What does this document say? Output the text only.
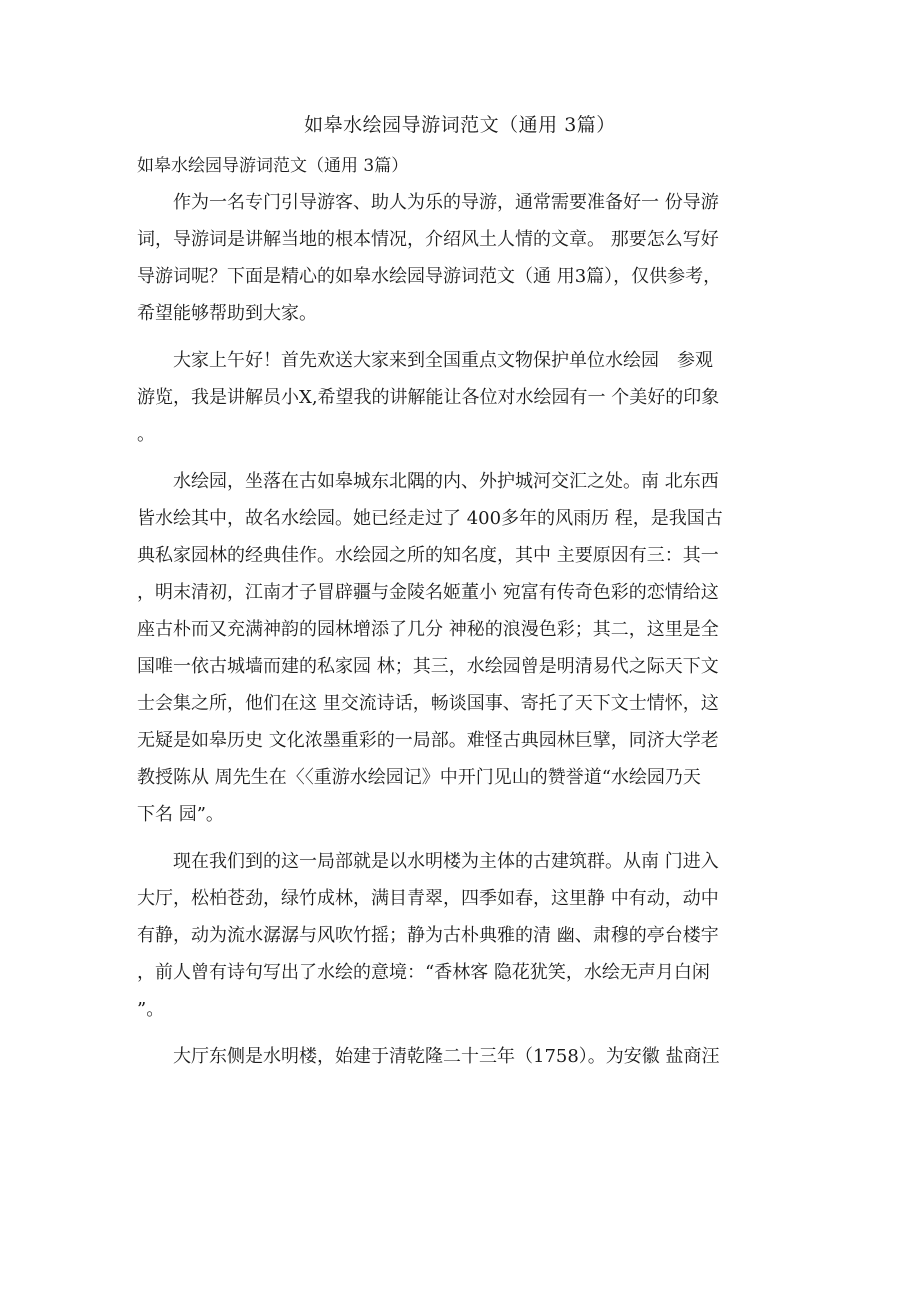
如皋水绘园导游词范文（通用 3篇）
如皋水绘园导游词范文（通用 3篇）
　　作为一名专门引导游客、助人为乐的导游，通常需要准备好一 份导游
词，导游词是讲解当地的根本情况，介绍风土人情的文章。 那要怎么写好
导游词呢？下面是精心的如皋水绘园导游词范文（通 用3篇），仅供参考，
希望能够帮助到大家。
　　大家上午好！首先欢送大家来到全国重点文物保护单位水绘园　参观
游览，我是讲解员小X,希望我的讲解能让各位对水绘园有一 个美好的印象
。
　　水绘园，坐落在古如皋城东北隅的内、外护城河交汇之处。南 北东西
皆水绘其中，故名水绘园。她已经走过了 400多年的风雨历 程，是我国古
典私家园林的经典佳作。水绘园之所的知名度，其中 主要原因有三：其一
，明末清初，江南才子冒辟疆与金陵名姬董小 宛富有传奇色彩的恋情给这
座古朴而又充满神韵的园林增添了几分 神秘的浪漫色彩；其二，这里是全
国唯一依古城墙而建的私家园 林；其三，水绘园曾是明清易代之际天下文
士会集之所，他们在这 里交流诗话，畅谈国事、寄托了天下文士情怀，这
无疑是如皋历史 文化浓墨重彩的一局部。难怪古典园林巨擘，同济大学老
教授陈从 周先生在〈〈重游水绘园记》中开门见山的赞誉道“水绘园乃天
下名 园”。
　　现在我们到的这一局部就是以水明楼为主体的古建筑群。从南 门进入
大厅，松柏苍劲，绿竹成林，满目青翠，四季如春，这里静 中有动，动中
有静，动为流水潺潺与风吹竹摇；静为古朴典雅的清 幽、肃穆的亭台楼宇
，前人曾有诗句写出了水绘的意境：“香林客 隐花犹笑，水绘无声月白闲
”。
　　大厅东侧是水明楼，始建于清乾隆二十三年（1758）。为安徽 盐商汪
